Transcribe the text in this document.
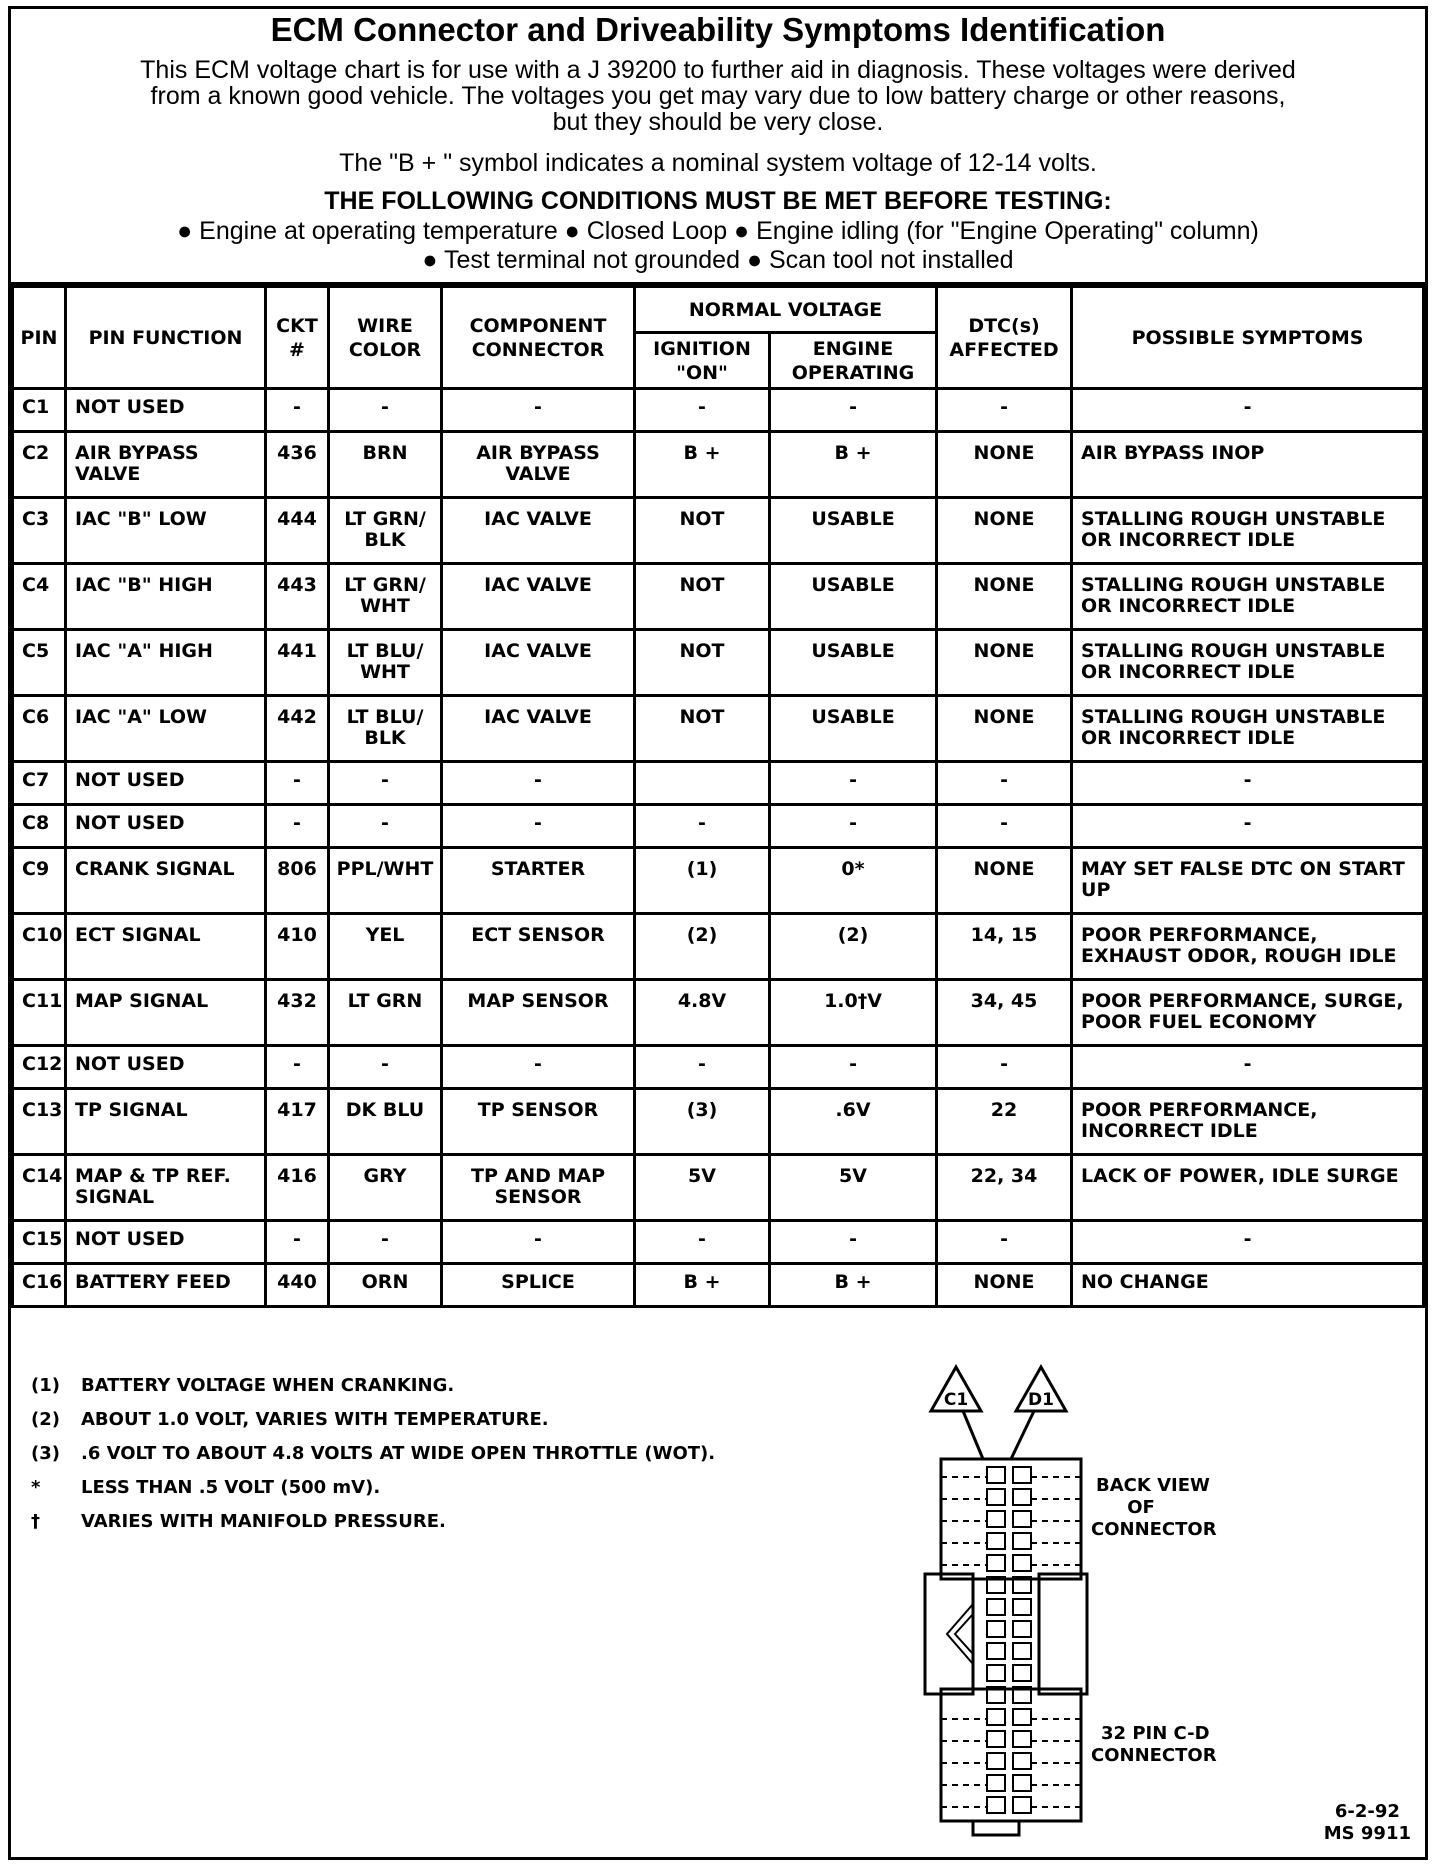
ECM Connector and Driveability Symptoms Identification
This ECM voltage chart is for use with a J 39200 to further aid in diagnosis. These voltages were derived
from a known good vehicle. The voltages you get may vary due to low battery charge or other reasons,
but they should be very close.
The "B + " symbol indicates a nominal system voltage of 12-14 volts.
THE FOLLOWING CONDITIONS MUST BE MET BEFORE TESTING:
● Engine at operating temperature ● Closed Loop ● Engine idling (for "Engine Operating" column)
● Test terminal not grounded ● Scan tool not installed
PIN	PIN FUNCTION	CKT #	WIRE COLOR	COMPONENT CONNECTOR	NORMAL VOLTAGE		DTC(s) AFFECTED	POSSIBLE SYMPTOMS
					IGNITION "ON"	ENGINE OPERATING		
C1	NOT USED	-	-	-	-	-	-	-
C2	AIR BYPASS VALVE	436	BRN	AIR BYPASS VALVE	B +	B +	NONE	AIR BYPASS INOP
C3	IAC "B" LOW	444	LT GRN/ BLK	IAC VALVE	NOT	USABLE	NONE	STALLING ROUGH UNSTABLE OR INCORRECT IDLE
C4	IAC "B" HIGH	443	LT GRN/ WHT	IAC VALVE	NOT	USABLE	NONE	STALLING ROUGH UNSTABLE OR INCORRECT IDLE
C5	IAC "A" HIGH	441	LT BLU/ WHT	IAC VALVE	NOT	USABLE	NONE	STALLING ROUGH UNSTABLE OR INCORRECT IDLE
C6	IAC "A" LOW	442	LT BLU/ BLK	IAC VALVE	NOT	USABLE	NONE	STALLING ROUGH UNSTABLE OR INCORRECT IDLE
C7	NOT USED	-	-	-		-	-	-
C8	NOT USED	-	-	-	-	-	-	-
C9	CRANK SIGNAL	806	PPL/WHT	STARTER	(1)	0*	NONE	MAY SET FALSE DTC ON START UP
C10	ECT SIGNAL	410	YEL	ECT SENSOR	(2)	(2)	14, 15	POOR PERFORMANCE, EXHAUST ODOR, ROUGH IDLE
C11	MAP SIGNAL	432	LT GRN	MAP SENSOR	4.8V	1.0†V	34, 45	POOR PERFORMANCE, SURGE, POOR FUEL ECONOMY
C12	NOT USED	-	-	-	-	-	-	-
C13	TP SIGNAL	417	DK BLU	TP SENSOR	(3)	.6V	22	POOR PERFORMANCE, INCORRECT IDLE
C14	MAP & TP REF. SIGNAL	416	GRY	TP AND MAP SENSOR	5V	5V	22, 34	LACK OF POWER, IDLE SURGE
C15	NOT USED	-	-	-	-	-	-	-
C16	BATTERY FEED	440	ORN	SPLICE	B +	B +	NONE	NO CHANGE
(1)	BATTERY VOLTAGE WHEN CRANKING.
(2)	ABOUT 1.0 VOLT, VARIES WITH TEMPERATURE.
(3)	.6 VOLT TO ABOUT 4.8 VOLTS AT WIDE OPEN THROTTLE (WOT).
*	LESS THAN .5 VOLT (500 mV).
†	VARIES WITH MANIFOLD PRESSURE.
C1	D1
BACK VIEW
OF
CONNECTOR
32 PIN C-D
CONNECTOR
6-2-92
MS 9911
